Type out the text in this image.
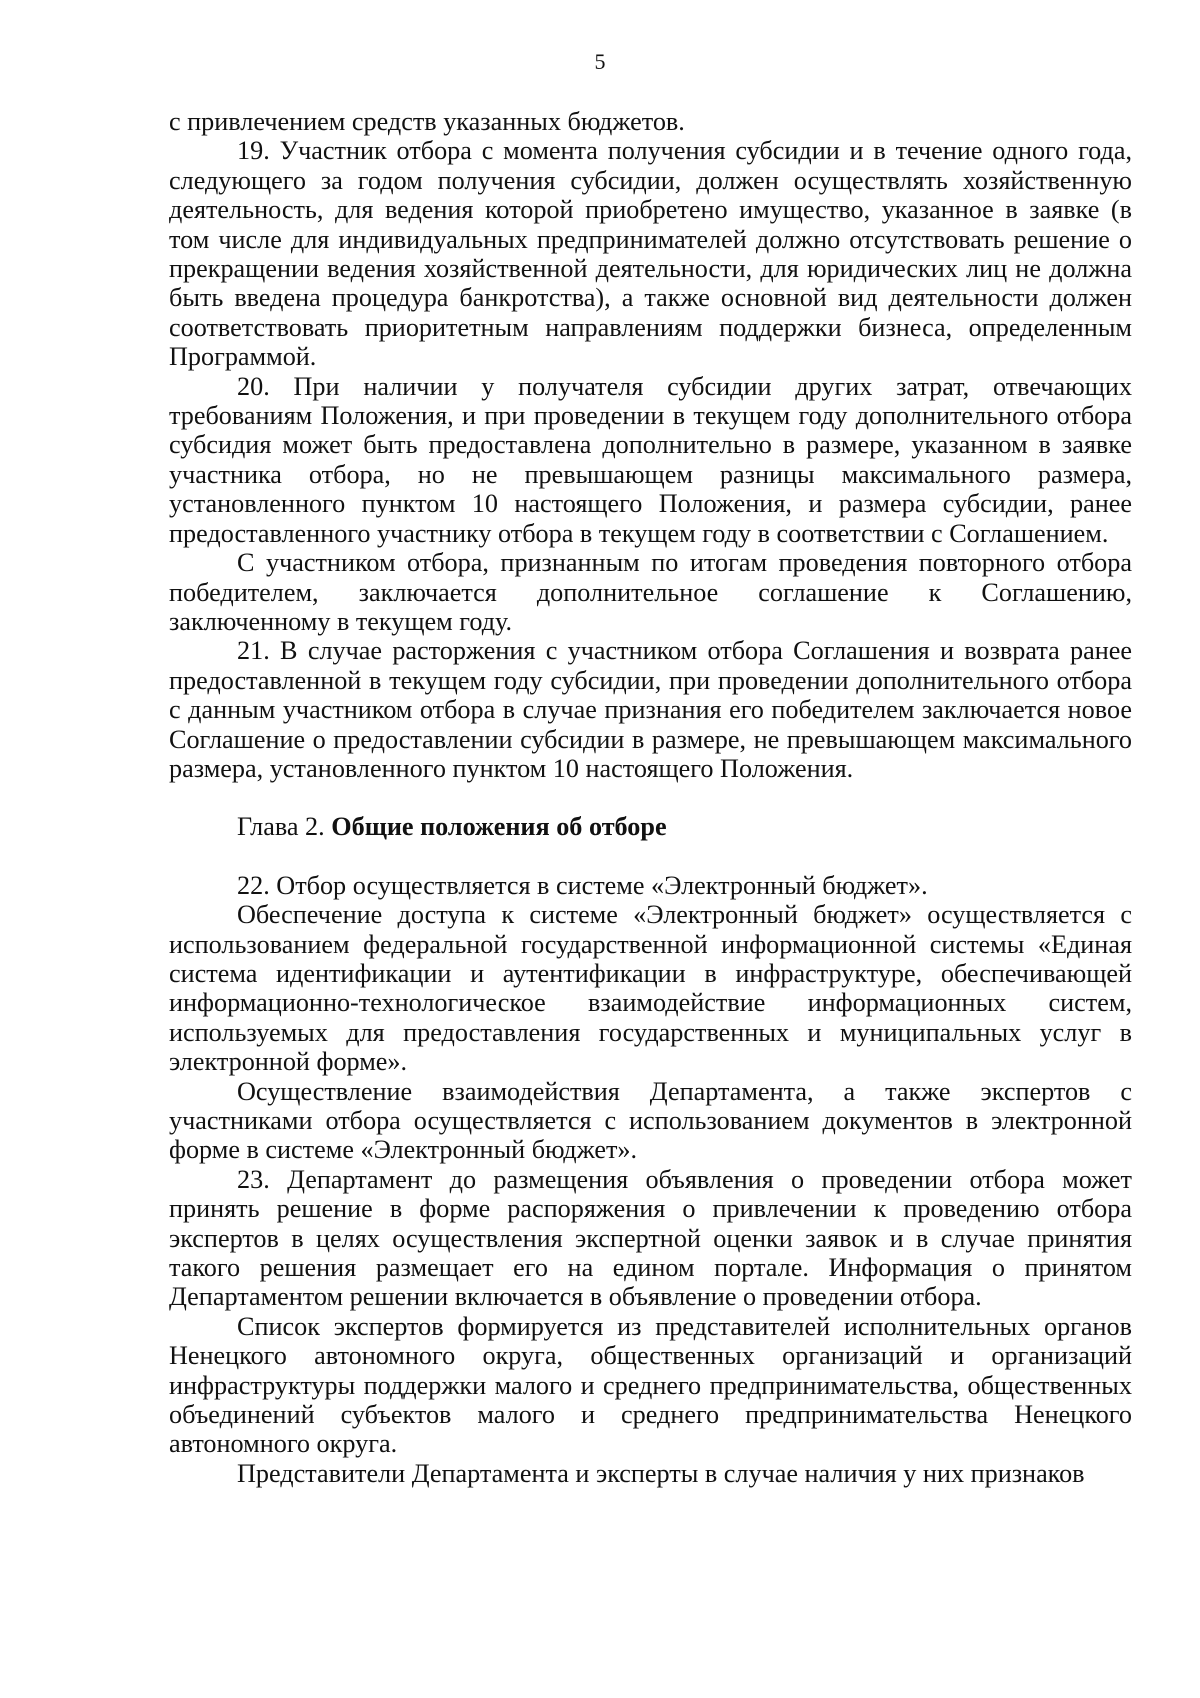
5

с привлечением средств указанных бюджетов.

19. Участник отбора с момента получения субсидии и в течение одного года, следующего за годом получения субсидии, должен осуществлять хозяйственную деятельность, для ведения которой приобретено имущество, указанное в заявке (в том числе для индивидуальных предпринимателей должно отсутствовать решение о прекращении ведения хозяйственной деятельности, для юридических лиц не должна быть введена процедура банкротства), а также основной вид деятельности должен соответствовать приоритетным направлениям поддержки бизнеса, определенным Программой.

20. При наличии у получателя субсидии других затрат, отвечающих требованиям Положения, и при проведении в текущем году дополнительного отбора субсидия может быть предоставлена дополнительно в размере, указанном в заявке участника отбора, но не превышающем разницы максимального размера, установленного пунктом 10 настоящего Положения, и размера субсидии, ранее предоставленного участнику отбора в текущем году в соответствии с Соглашением.

С участником отбора, признанным по итогам проведения повторного отбора победителем, заключается дополнительное соглашение к Соглашению, заключенному в текущем году.

21. В случае расторжения с участником отбора Соглашения и возврата ранее предоставленной в текущем году субсидии, при проведении дополнительного отбора с данным участником отбора в случае признания его победителем заключается новое Соглашение о предоставлении субсидии в размере, не превышающем максимального размера, установленного пунктом 10 настоящего Положения.

Глава 2. Общие положения об отборе

22. Отбор осуществляется в системе «Электронный бюджет».

Обеспечение доступа к системе «Электронный бюджет» осуществляется с использованием федеральной государственной информационной системы «Единая система идентификации и аутентификации в инфраструктуре, обеспечивающей информационно-технологическое взаимодействие информационных систем, используемых для предоставления государственных и муниципальных услуг в электронной форме».

Осуществление взаимодействия Департамента, а также экспертов с участниками отбора осуществляется с использованием документов в электронной форме в системе «Электронный бюджет».

23. Департамент до размещения объявления о проведении отбора может принять решение в форме распоряжения о привлечении к проведению отбора экспертов в целях осуществления экспертной оценки заявок и в случае принятия такого решения размещает его на едином портале. Информация о принятом Департаментом решении включается в объявление о проведении отбора.

Список экспертов формируется из представителей исполнительных органов Ненецкого автономного округа, общественных организаций и организаций инфраструктуры поддержки малого и среднего предпринимательства, общественных объединений субъектов малого и среднего предпринимательства Ненецкого автономного округа.

Представители Департамента и эксперты в случае наличия у них признаков
